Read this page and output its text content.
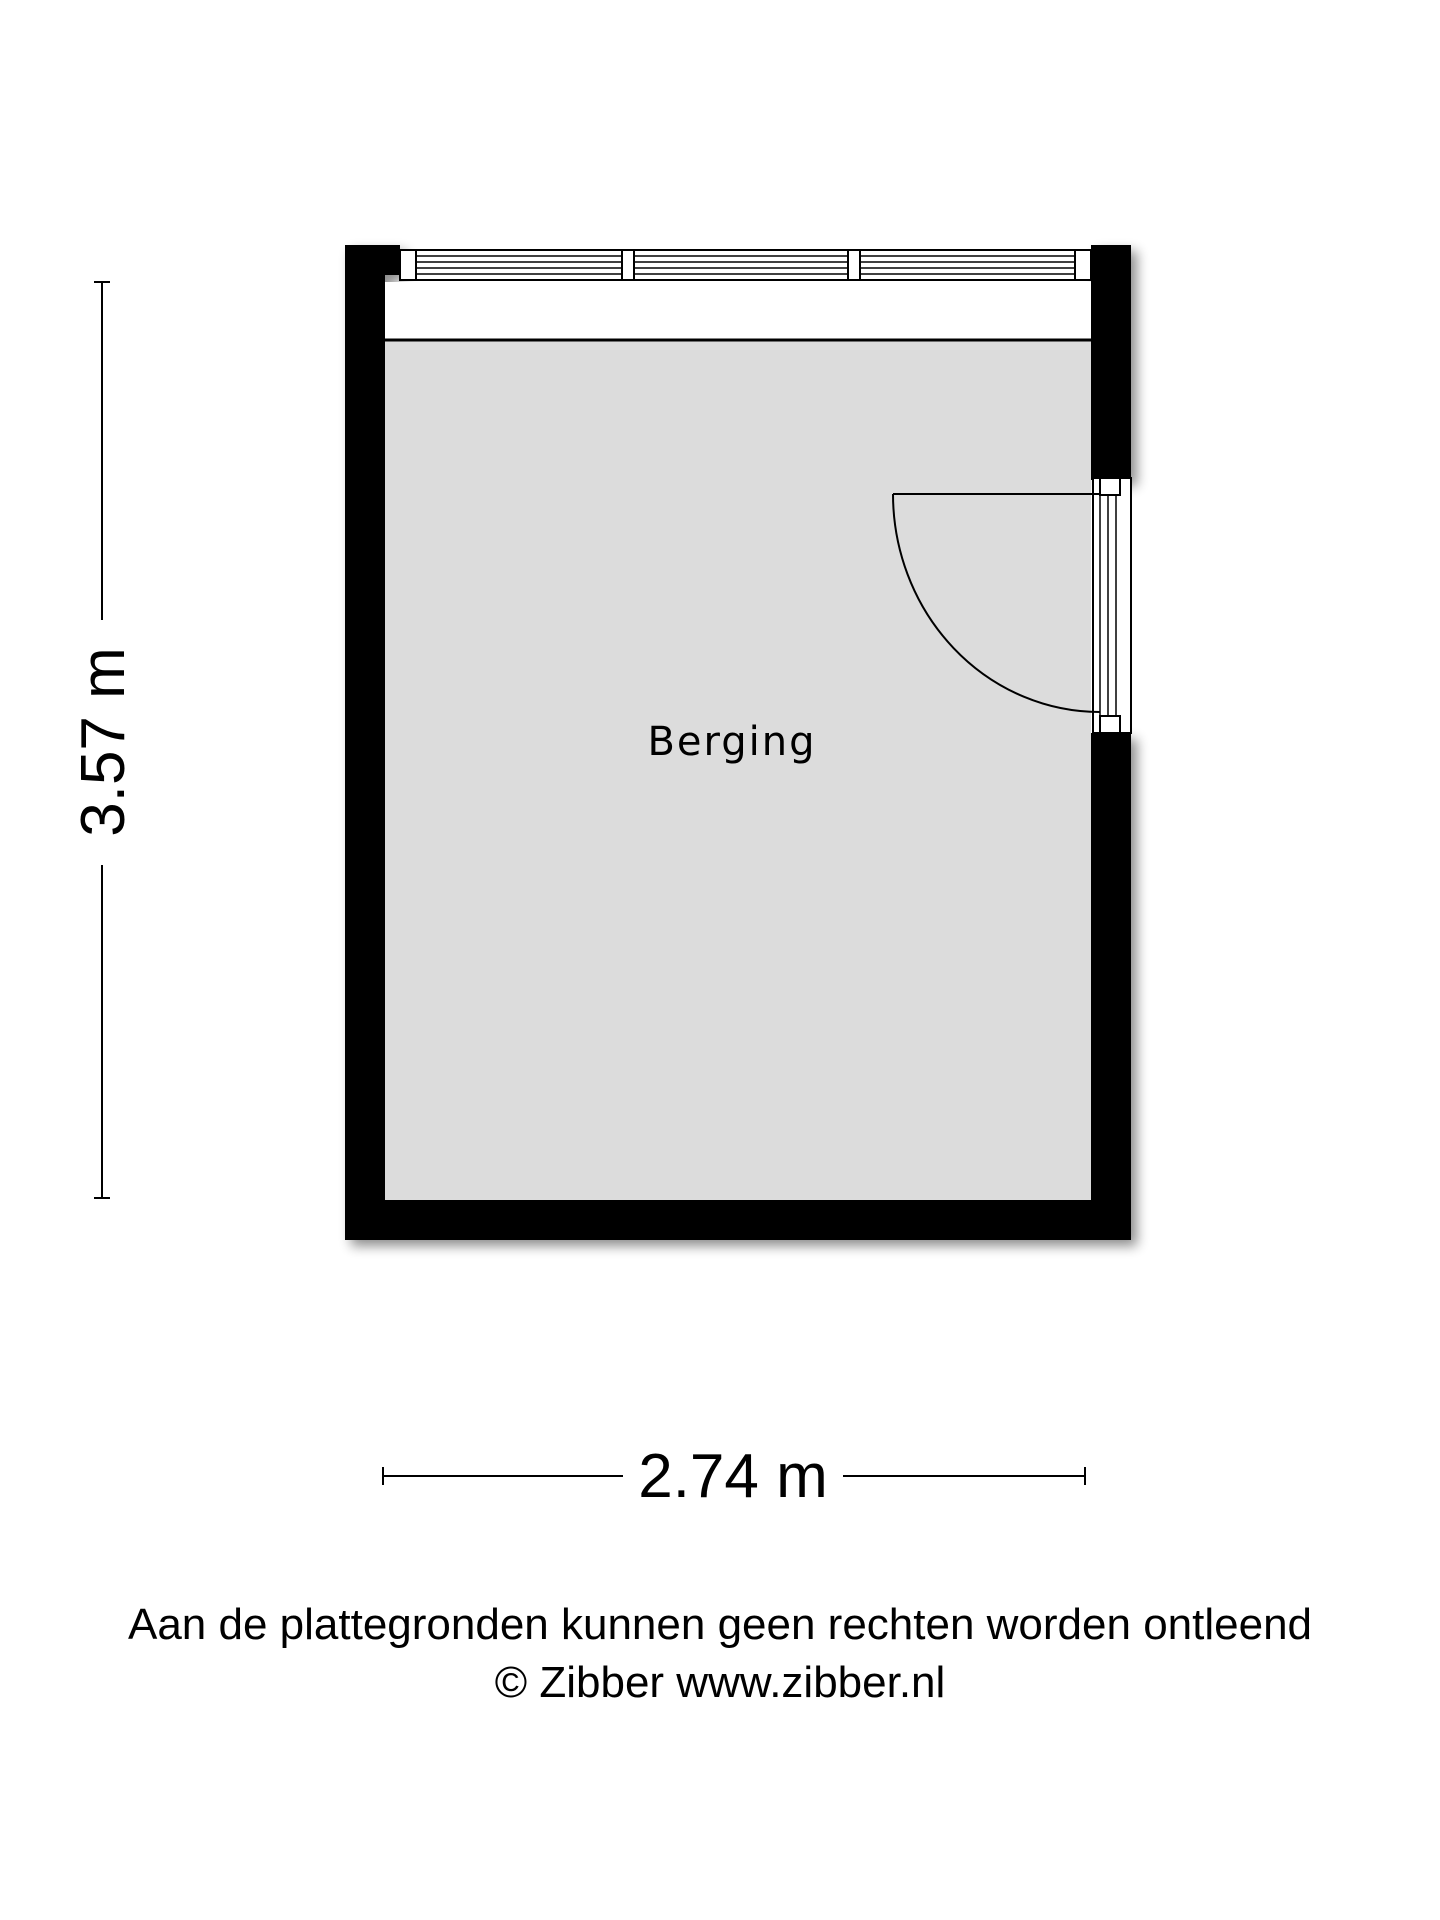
Berging
3.57 m
2.74 m
Aan de plattegronden kunnen geen rechten worden ontleend
© Zibber www.zibber.nl
